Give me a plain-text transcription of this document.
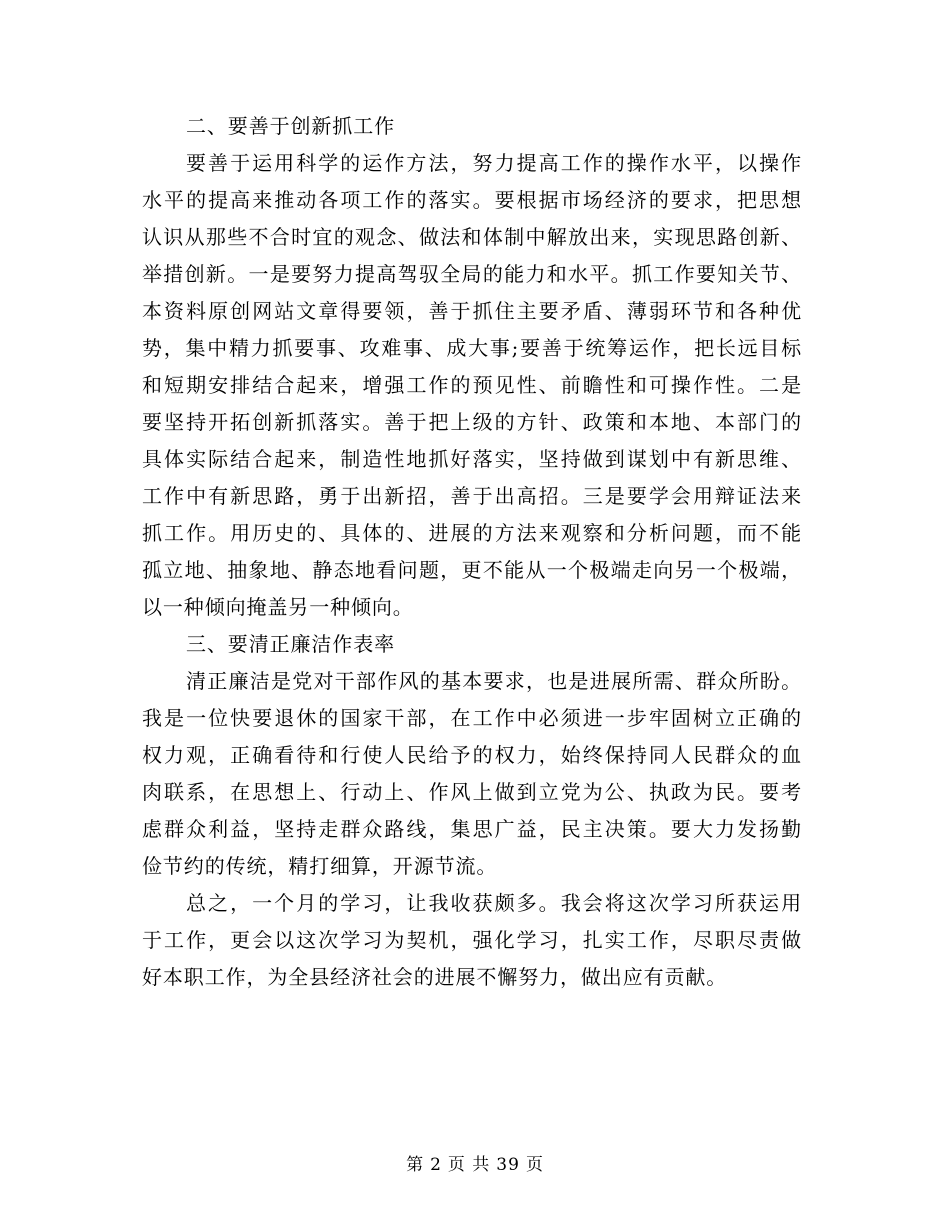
二、要善于创新抓工作
要善于运用科学的运作方法，努力提高工作的操作水平，以操作
水平的提高来推动各项工作的落实。要根据市场经济的要求，把思想
认识从那些不合时宜的观念、做法和体制中解放出来，实现思路创新、
举措创新。一是要努力提高驾驭全局的能力和水平。抓工作要知关节、
本资料原创网站文章得要领，善于抓住主要矛盾、薄弱环节和各种优
势，集中精力抓要事、攻难事、成大事;要善于统筹运作，把长远目标
和短期安排结合起来，增强工作的预见性、前瞻性和可操作性。二是
要坚持开拓创新抓落实。善于把上级的方针、政策和本地、本部门的
具体实际结合起来，制造性地抓好落实，坚持做到谋划中有新思维、
工作中有新思路，勇于出新招，善于出高招。三是要学会用辩证法来
抓工作。用历史的、具体的、进展的方法来观察和分析问题，而不能
孤立地、抽象地、静态地看问题，更不能从一个极端走向另一个极端，
以一种倾向掩盖另一种倾向。
三、要清正廉洁作表率
清正廉洁是党对干部作风的基本要求，也是进展所需、群众所盼。
我是一位快要退休的国家干部，在工作中必须进一步牢固树立正确的
权力观，正确看待和行使人民给予的权力，始终保持同人民群众的血
肉联系，在思想上、行动上、作风上做到立党为公、执政为民。要考
虑群众利益，坚持走群众路线，集思广益，民主决策。要大力发扬勤
俭节约的传统，精打细算，开源节流。
总之，一个月的学习，让我收获颇多。我会将这次学习所获运用
于工作，更会以这次学习为契机，强化学习，扎实工作，尽职尽责做
好本职工作，为全县经济社会的进展不懈努力，做出应有贡献。
第 2 页 共 39 页
